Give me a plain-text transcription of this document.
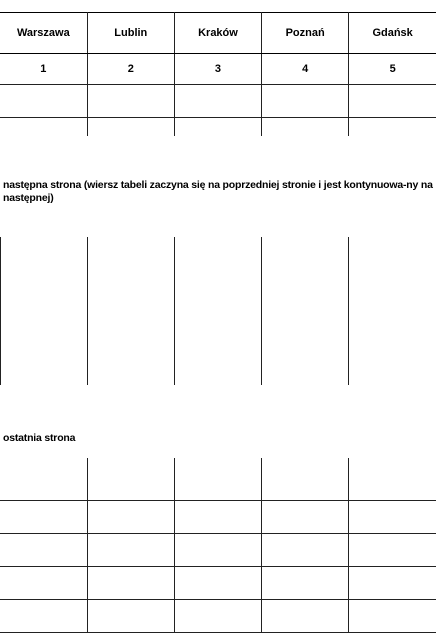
Warszawa	Lublin	Kraków	Poznań	Gdańsk
1	2	3	4	5

następna strona (wiersz tabeli zaczyna się na poprzedniej stronie i jest kontynuowa-ny na następnej)

ostatnia strona
